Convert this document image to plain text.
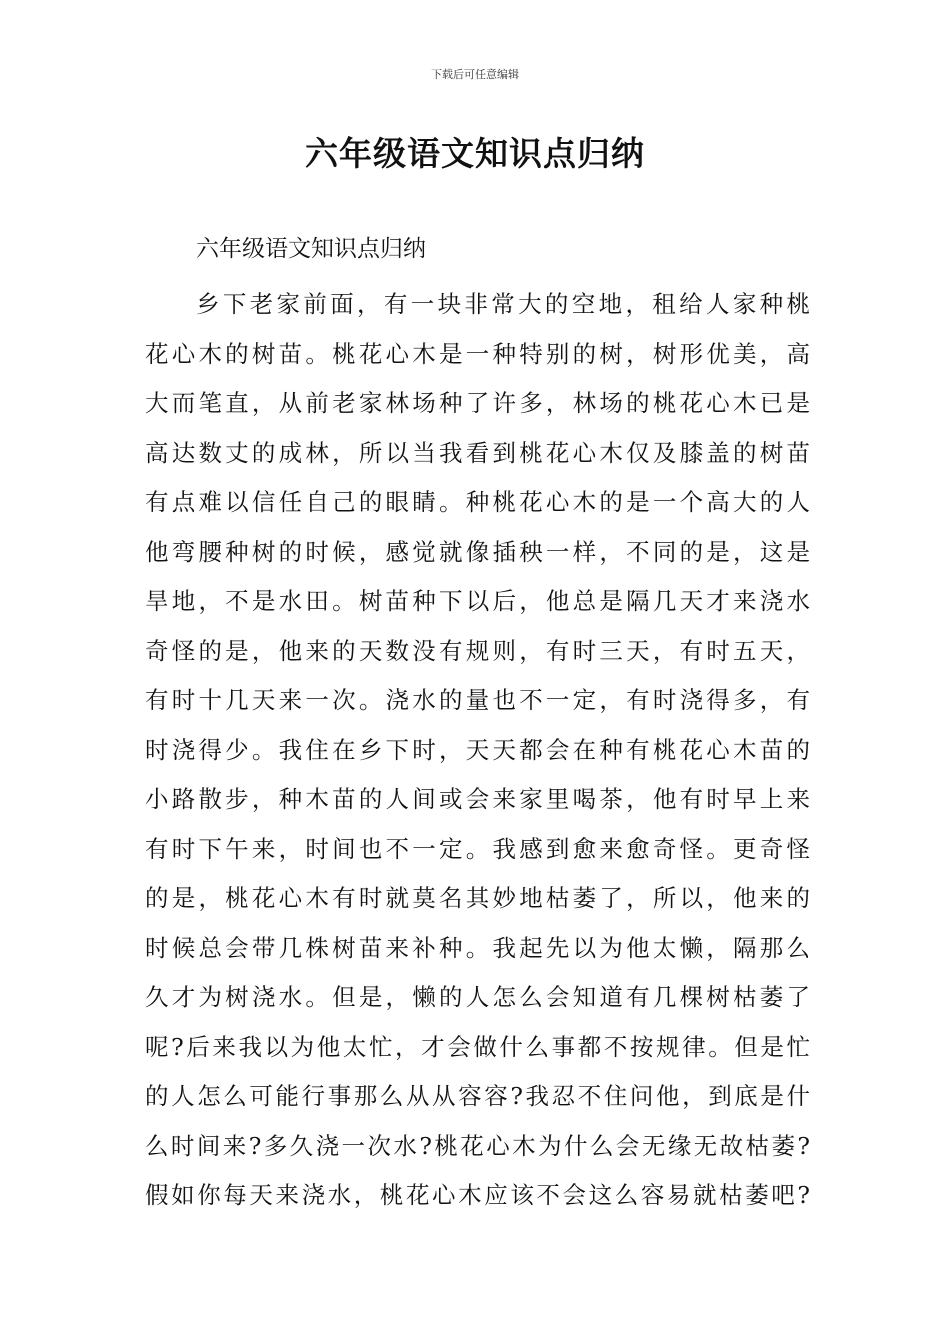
下载后可任意编辑
六年级语文知识点归纳
六年级语文知识点归纳
乡下老家前面，有一块非常大的空地，租给人家种桃
花心木的树苗。桃花心木是一种特别的树，树形优美，高
大而笔直，从前老家林场种了许多，林场的桃花心木已是
高达数丈的成林，所以当我看到桃花心木仅及膝盖的树苗
有点难以信任自己的眼睛。种桃花心木的是一个高大的人
他弯腰种树的时候，感觉就像插秧一样，不同的是，这是
旱地，不是水田。树苗种下以后，他总是隔几天才来浇水
奇怪的是，他来的天数没有规则，有时三天，有时五天，
有时十几天来一次。浇水的量也不一定，有时浇得多，有
时浇得少。我住在乡下时，天天都会在种有桃花心木苗的
小路散步，种木苗的人间或会来家里喝茶，他有时早上来
有时下午来，时间也不一定。我感到愈来愈奇怪。更奇怪
的是，桃花心木有时就莫名其妙地枯萎了，所以，他来的
时候总会带几株树苗来补种。我起先以为他太懒，隔那么
久才为树浇水。但是，懒的人怎么会知道有几棵树枯萎了
呢?后来我以为他太忙，才会做什么事都不按规律。但是忙
的人怎么可能行事那么从从容容?我忍不住问他，到底是什
么时间来?多久浇一次水?桃花心木为什么会无缘无故枯萎?
假如你每天来浇水，桃花心木应该不会这么容易就枯萎吧?
